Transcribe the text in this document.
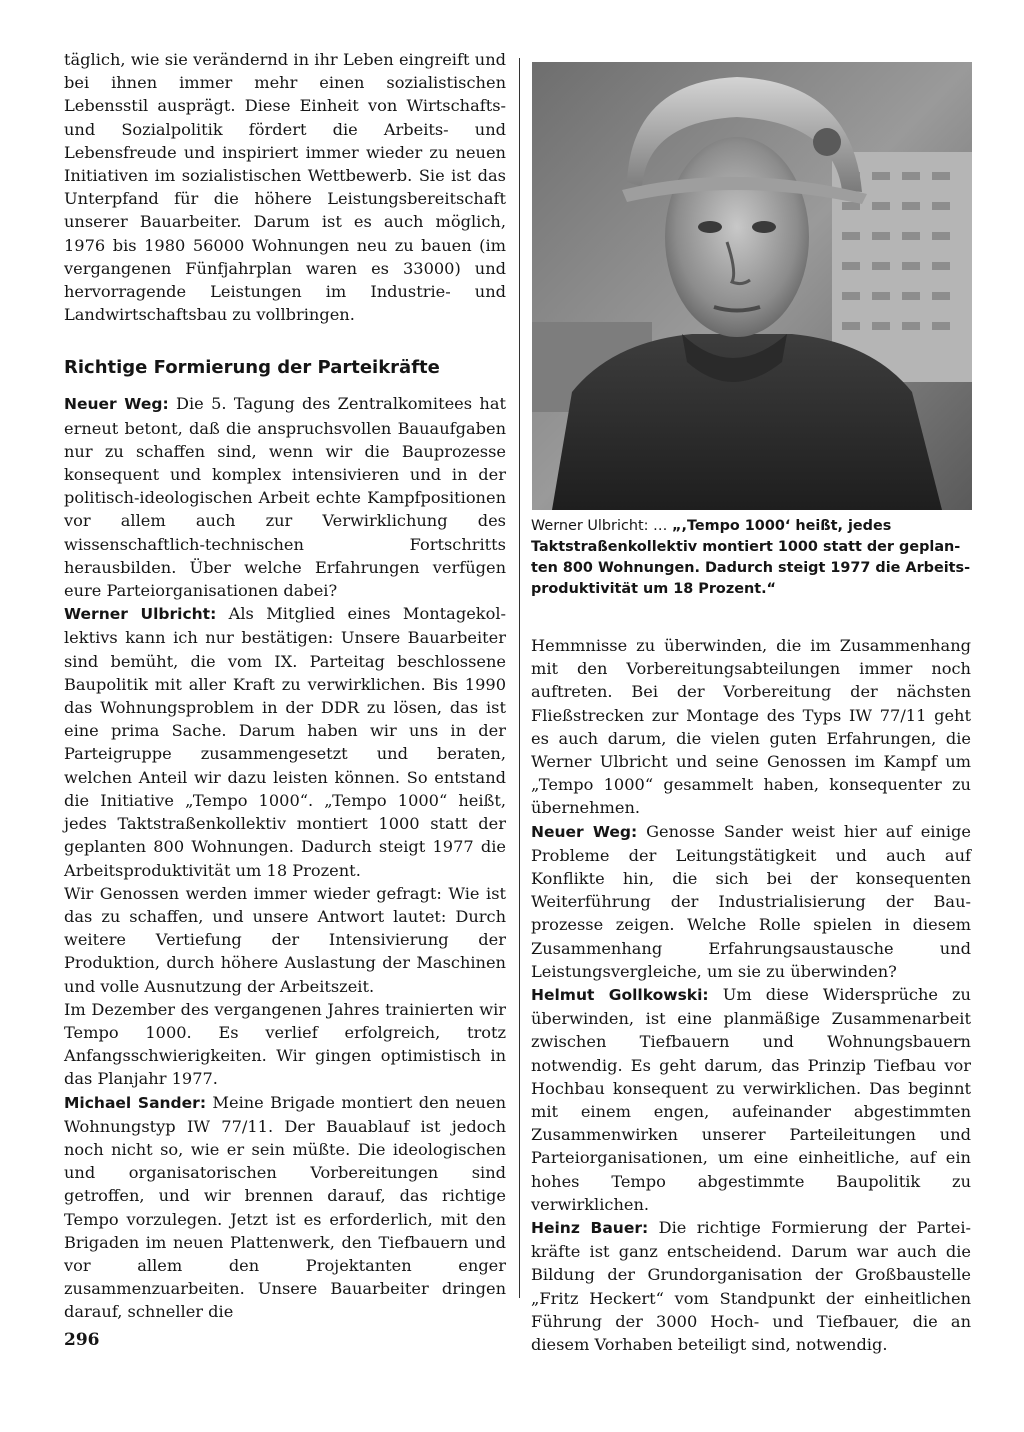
täglich, wie sie verändernd in ihr Leben eingreift und bei ihnen immer mehr einen sozialistischen Lebensstil ausprägt. Diese Einheit von Wirtschafts- und Sozialpolitik fördert die Arbeits- und Lebensfreude und inspiriert immer wieder zu neuen Initiativen im sozialistischen Wettbewerb. Sie ist das Unterpfand für die höhere Leistungsbereitschaft unserer Bauarbeiter. Darum ist es auch möglich, 1976 bis 1980 56000 Wohnungen neu zu bauen (im vergangenen Fünfjahrplan waren es 33000) und hervorragende Leistungen im Industrie- und Landwirtschaftsbau zu vollbringen.

Richtige Formierung der Parteikräfte

Neuer Weg: Die 5. Tagung des Zentralkomitees hat erneut betont, daß die anspruchsvollen Bauaufgaben nur zu schaffen sind, wenn wir die Bauprozesse konsequent und komplex intensivieren und in der politisch-ideologischen Arbeit echte Kampfpositionen vor allem auch zur Verwirklichung des wissenschaftlich-technischen Fortschritts herausbilden. Über welche Erfahrungen verfügen eure Parteiorganisationen dabei?

Werner Ulbricht: Als Mitglied eines Montagekollektivs kann ich nur bestätigen: Unsere Bauarbeiter sind bemüht, die vom IX. Parteitag beschlossene Baupolitik mit aller Kraft zu verwirklichen. Bis 1990 das Wohnungsproblem in der DDR zu lösen, das ist eine prima Sache. Darum haben wir uns in der Parteigruppe zusammengesetzt und beraten, welchen Anteil wir dazu leisten können. So entstand die Initiative „Tempo 1000“. „Tempo 1000“ heißt, jedes Taktstraßenkollektiv montiert 1000 statt der geplanten 800 Wohnungen. Dadurch steigt 1977 die Arbeitsproduktivität um 18 Prozent.

Wir Genossen werden immer wieder gefragt: Wie ist das zu schaffen, und unsere Antwort lautet: Durch weitere Vertiefung der Intensivierung der Produktion, durch höhere Auslastung der Maschinen und volle Ausnutzung der Arbeitszeit.

Im Dezember des vergangenen Jahres trainierten wir Tempo 1000. Es verlief erfolgreich, trotz Anfangsschwierigkeiten. Wir gingen optimistisch in das Planjahr 1977.

Michael Sander: Meine Brigade montiert den neuen Wohnungstyp IW 77/11. Der Bauablauf ist jedoch noch nicht so, wie er sein müßte. Die ideologischen und organisatorischen Vorbereitungen sind getroffen, und wir brennen darauf, das richtige Tempo vorzulegen. Jetzt ist es erforderlich, mit den Brigaden im neuen Plattenwerk, den Tiefbauern und vor allem den Projektanten enger zusammenzuarbeiten. Unsere Bauarbeiter dringen darauf, schneller die

Werner Ulbricht: … „,Tempo 1000‘ heißt, jedes Taktstraßenkollektiv montiert 1000 statt der geplanten 800 Wohnungen. Dadurch steigt 1977 die Arbeitsproduktivität um 18 Prozent.“

Hemmnisse zu überwinden, die im Zusammenhang mit den Vorbereitungsabteilungen immer noch auftreten. Bei der Vorbereitung der nächsten Fließstrecken zur Montage des Typs IW 77/11 geht es auch darum, die vielen guten Erfahrungen, die Werner Ulbricht und seine Genossen im Kampf um „Tempo 1000“ gesammelt haben, konsequenter zu übernehmen.

Neuer Weg: Genosse Sander weist hier auf einige Probleme der Leitungstätigkeit und auch auf Konflikte hin, die sich bei der konsequenten Weiterführung der Industrialisierung der Bauprozesse zeigen. Welche Rolle spielen in diesem Zusammenhang Erfahrungsaustausche und Leistungsvergleiche, um sie zu überwinden?

Helmut Gollkowski: Um diese Widersprüche zu überwinden, ist eine planmäßige Zusammenarbeit zwischen Tiefbauern und Wohnungsbauern notwendig. Es geht darum, das Prinzip Tiefbau vor Hochbau konsequent zu verwirklichen. Das beginnt mit einem engen, aufeinander abgestimmten Zusammenwirken unserer Parteileitungen und Parteiorganisationen, um eine einheitliche, auf ein hohes Tempo abgestimmte Baupolitik zu verwirklichen.

Heinz Bauer: Die richtige Formierung der Parteikräfte ist ganz entscheidend. Darum war auch die Bildung der Grundorganisation der Großbaustelle „Fritz Heckert“ vom Standpunkt der einheitlichen Führung der 3000 Hoch- und Tiefbauer, die an diesem Vorhaben beteiligt sind, notwendig.

296
